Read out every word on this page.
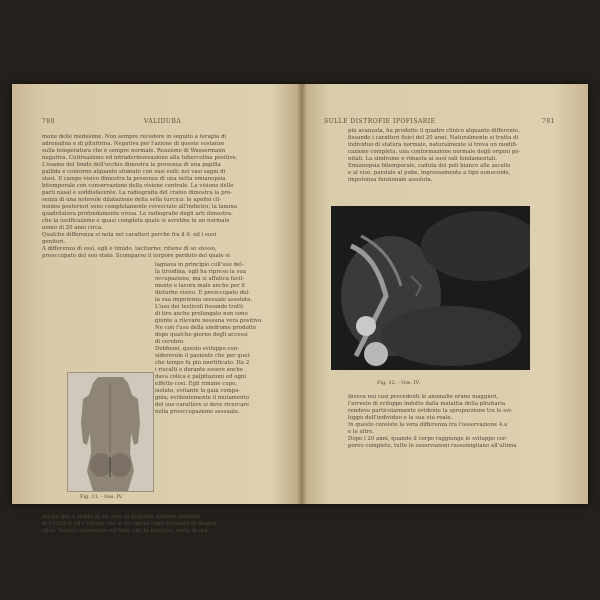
780	VALIDUBA
mone delle medesime. Non sempre recedere in seguito a terapia di
adrenalina e di pituitrina. Negativa per l'azione di queste sostanze
sulla temperatura che è sempre normale. Reazione di Wassermann
negativa. Cutireazione ed intradermoreazione alla tubercolina positive.
L'esame del fondo dell'occhio dimostra la presenza di una papilla
pallida e contorno alquanto sfumato con vasi esili; nei vasi sagni di
stasi. Il campo visivo dimostra la presenza di una netta emianopsia
bitemporale con conservazione della visione centrale. La visione delle
parti nasal è soddisfacente. La radiografia del cranio dimostra la pre-
senza di una notevole dilatazione della sella turcica: le apofisi cli-
noidee posteriori sono completamente rovesciate all'indietro; la lamina
quadrilatera profondamente erosa. Le radiografie degli arti dimostra-
che la ossificazione è quasi completa quale si avrebbe in un normale
uomo di 20 anni circa.
Qualche differenza si nota nei caratteri perché fra il 0. ed i suoi
genitori.
A differenza di essi, egli è timido, taciturno; ritiene di se stesso,
preoccupato del suo stato. Scomparso il torpore perduto del quale si
lagnava in principio coll'uso del-
la tiroidina, egli ha ripreso la sua
occupazione, ma si affatica facil-
mente e lavora male anche per il
disturbo visivo. È preoccupato del-
la sua impotenza sessuale assoluta.
L'uso dei testicoli fissando tratti
di tiro anche prolungato non sono
giunte a rilevare nessuna vera positivo.
Ne con l'uso della sindrome prodotte
dopo qualche giorno degli accessi
di cerebro.
Debbono, questo sviluppo con-
siderevole il paziente che per quel-
che tempo fu più mortificato. Ha 2
i riscalti e durante essere anche
dava colica e palpitazioni ed ogni
effetto così. Egli rimane cupo,
isolato, evitante la gaia compa-
gnia; evidentemente il mutamento
del suo carattere si deve ricercare
nella preoccupazione sessuale.
Fig. 11. - Oss. IV.
Anche qui si tratta di un caso di distrofia adiposa genitale
di Fröhlich ed è inutile che io mi ripeta sugli elementi di diagno-
stica. Insisto solamente sul fatto che la malattia, sorta in età
SULLE DISTROFIE IPOFISARIE	781
più avanzata, ha prodotto il quadro clinico alquanto differente,
fissando i caratteri fisici del 20 anni. Naturalmente si tratta di
individuo di statura normale, naturalmente si trova un modifi-
cazione completa, una conformazione normale degli organi ge-
nitali. La sindrome è rimasta ai suoi sali fondamentali.
Emianopsia bitemporale, caduta dei peli bianco alle ascelle
e al viso, parziale al pube, ingrossamento a tipo eunucoide,
impotenza funzionale assoluta.
Invece nei casi precedenti le anomalie erano maggiori,
l'arresto di sviluppo indotto dalla malattia della pituitaria
rendeva particolarmente evidente la sproporzione tra lo svi-
luppo dell'individuo e la sua età reale.
In questo consiste la vera differenza tra l'osservazione 4.a
e le altre.
Dopo i 20 anni, quando il corpo raggiunge lo sviluppo cor-
poreo completo, tutte le osservazioni rassomigliano all'ultima
Fig. 12. - Oss. IV.
